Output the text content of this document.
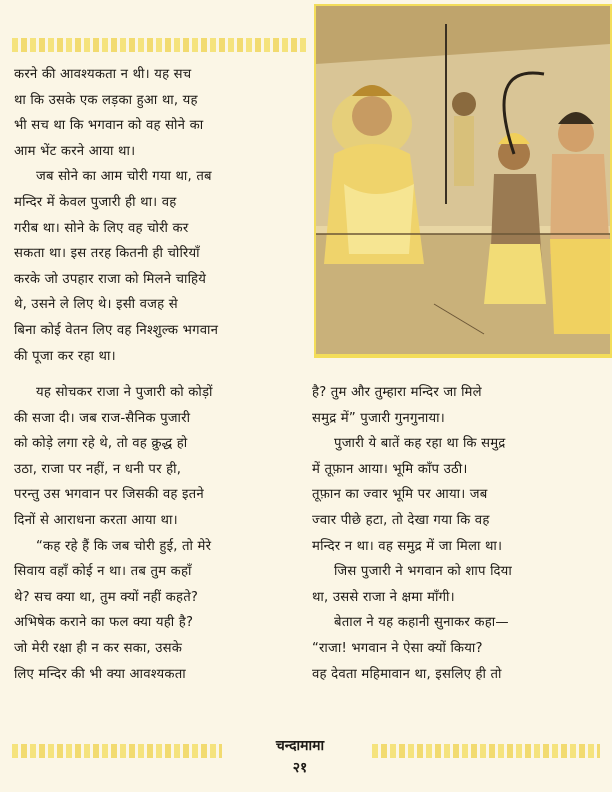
करने की आवश्यकता न थी। यह सच
था कि उसके एक लड़का हुआ था, यह
भी सच था कि भगवान को वह सोने का
आम भेंट करने आया था।
जब सोने का आम चोरी गया था, तब
मन्दिर में केवल पुजारी ही था। वह
गरीब था। सोने के लिए वह चोरी कर
सकता था। इस तरह कितनी ही चोरियाँ
करके जो उपहार राजा को मिलने चाहिये
थे, उसने ले लिए थे। इसी वजह से
बिना कोई वेतन लिए वह निश्शुल्क भगवान
की पूजा कर रहा था।
यह सोचकर राजा ने पुजारी को कोड़ों
की सजा दी। जब राज-सैनिक पुजारी
को कोड़े लगा रहे थे, तो वह क्रुद्ध हो
उठा, राजा पर नहीं, न धनी पर ही,
परन्तु उस भगवान पर जिसकी वह इतने
दिनों से आराधना करता आया था।
“कह रहे हैं कि जब चोरी हुई, तो मेरे
सिवाय वहाँ कोई न था। तब तुम कहाँ
थे? सच क्या था, तुम क्यों नहीं कहते?
अभिषेक कराने का फल क्या यही है?
जो मेरी रक्षा ही न कर सका, उसके
लिए मन्दिर की भी क्या आवश्यकता
है? तुम और तुम्हारा मन्दिर जा मिले
समुद्र में” पुजारी गुनगुनाया।
पुजारी ये बातें कह रहा था कि समुद्र
में तूफ़ान आया। भूमि काँप उठी।
तूफ़ान का ज्वार भूमि पर आया। जब
ज्वार पीछे हटा, तो देखा गया कि वह
मन्दिर न था। वह समुद्र में जा मिला था।
जिस पुजारी ने भगवान को शाप दिया
था, उससे राजा ने क्षमा माँगी।
बेताल ने यह कहानी सुनाकर कहा—
“राजा! भगवान ने ऐसा क्यों किया?
वह देवता महिमावान था, इसलिए ही तो
चन्दामामा
२१
